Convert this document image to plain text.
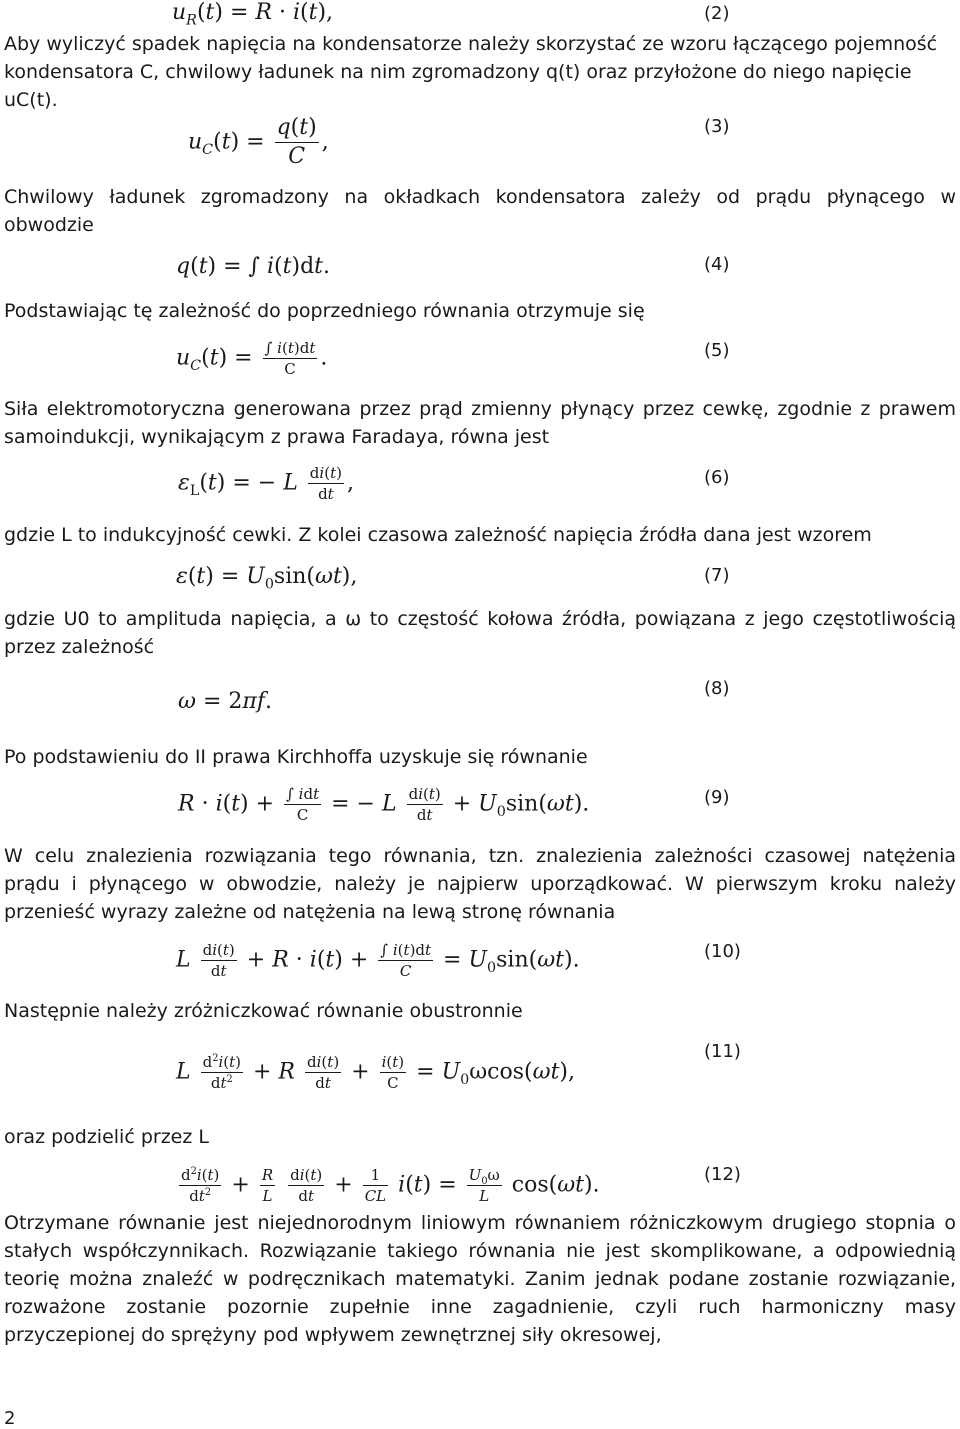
$u_R(t) = R \cdot i(t)$,	(2)

Aby wyliczyć spadek napięcia na kondensatorze należy skorzystać ze wzoru łączącego pojemność kondensatora C, chwilowy ładunek na nim zgromadzony q(t) oraz przyłożone do niego napięcie uC(t).

$u_C(t) = \frac{q(t)}{C}$ ,
(3)

Chwilowy ładunek zgromadzony na okładkach kondensatora zależy od prądu płynącego w obwodzie

q(t) = ∫ i(t)dt.	(4)

Podstawiając tę zależność do poprzedniego równania otrzymuje się

$u_C(t) = \frac{\int i(t)dt}{C}$ .	(5)

Siła elektromotoryczna generowana przez prąd zmienny płynący przez cewkę, zgodnie z prawem samoindukcji, wynikającym z prawa Faradaya, równa jest

$\varepsilon_L(t)$ = − L $\frac{di(t)}{dt}$ ,	(6)

gdzie L to indukcyjność cewki. Z kolei czasowa zależność napięcia źródła dana jest wzorem

$\varepsilon(t) = U_0\sin(\omega t)$,	(7)

gdzie U0 to amplituda napięcia, a ω to częstość kołowa źródła, powiązana z jego częstotliwością przez zależność

ω = 2πf.
(8)

Po podstawieniu do II prawa Kirchhoffa uzyskuje się równanie

$R \cdot i(t) + \frac{\text{∫ idt}}{C}$ = − L $\frac{di(t)}{dt} + U_0\sin(\omega t)$.	(9)

W celu znalezienia rozwiązania tego równania, tzn. znalezienia zależności czasowej natężenia prądu i płynącego w obwodzie, należy je najpierw uporządkować. W pierwszym kroku należy przenieść wyrazy zależne od natężenia na lewą stronę równania

L $\frac{di(t)}{dt} + R \cdot i(t) + \frac{\int i(t)dt}{C} = U_0\sin(\omega t)$.	(10)

Następnie należy zróżniczkować równanie obustronnie

L $\frac{d^2i(t)}{dt^2} + R \frac{di(t)}{dt} + \frac{i(t)}{C} = U_0\omega\cos(\omega t)$,
(11)

oraz podzielić przez L

$\frac{d^2i(t)}{dt^2} + \frac{R}{L}$
$\frac{di(t)}{dt} + \frac{1}{CL} i(t) = \frac{U_0\omega}{L} \cos(\omega t)$.	(12)

Otrzymane równanie jest niejednorodnym liniowym równaniem różniczkowym drugiego stopnia o stałych współczynnikach. Rozwiązanie takiego równania nie jest skomplikowane, a odpowiednią teorię można znaleźć w podręcznikach matematyki. Zanim jednak podane zostanie rozwiązanie, rozważone zostanie pozornie zupełnie inne zagadnienie, czyli ruch harmoniczny masy przyczepionej do sprężyny pod wpływem zewnętrznej siły okresowej,

2
